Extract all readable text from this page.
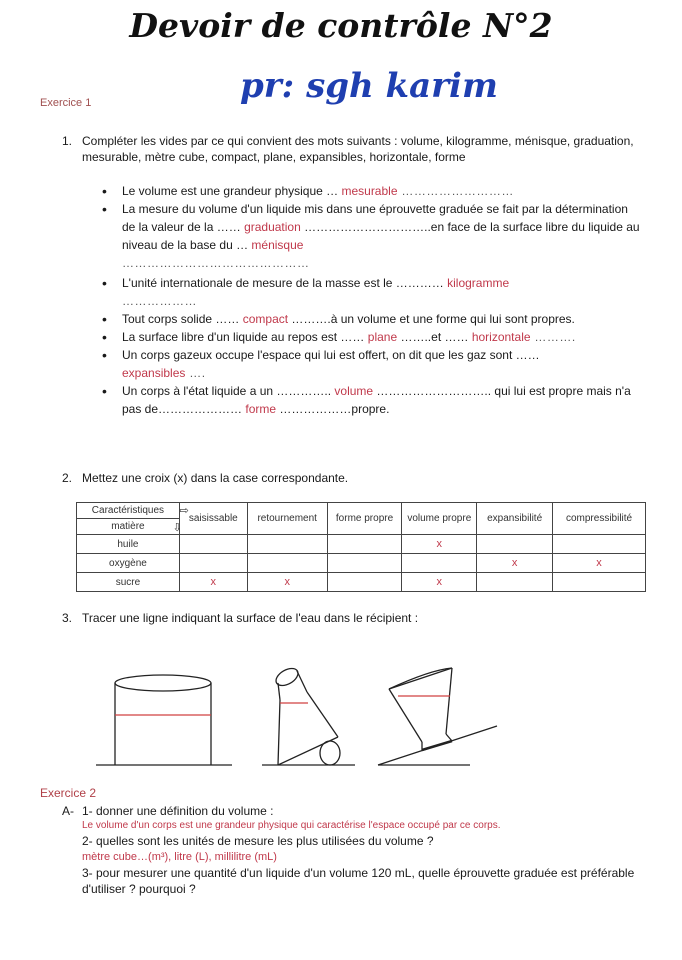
Devoir de contrôle N°2
pr: sgh karim
Exercice 1
1. Compléter les vides par ce qui convient des mots suivants : volume, kilogramme, ménisque, graduation, mesurable, mètre cube, compact, plane, expansibles, horizontale, forme
• Le volume est une grandeur physique … mesurable ………………………
• La mesure du volume d'un liquide mis dans une éprouvette graduée se fait par la détermination de la valeur de la …… graduation …………………………..en face de la surface libre du liquide au niveau de la base du … ménisque
………………………………………
• L'unité internationale de mesure de la masse est le ………… kilogramme
………………
• Tout corps solide …… compact ……….à un volume et une forme qui lui sont propres.
• La surface libre d'un liquide au repos est …… plane ……..et …… horizontale ……….
• Un corps gazeux occupe l'espace qui lui est offert, on dit que les gaz sont ……
expansibles ….
• Un corps à l'état liquide a un ………….. volume ……………………….. qui lui est propre mais n'a pas de………………… forme ………………propre.
2. Mettez une croix (x) dans la case correspondante.
Caractéristiques ⇨	saisissable	retournement	forme propre	volume propre	expansibilité	compressibilité
matière ⇩						

huile				x		
oxygène					x	x
sucre	x	x		x		
3. Tracer une ligne indiquant la surface de l'eau dans le récipient :
Exercice 2
A- 1- donner une définition du volume :
Le volume d'un corps est une grandeur physique qui caractérise l'espace occupé par ce corps.
2- quelles sont les unités de mesure les plus utilisées du volume ?
mètre cube…(m³), litre (L), millilitre (mL)
3- pour mesurer une quantité d'un liquide d'un volume 120 mL, quelle éprouvette graduée est préférable d'utiliser ? pourquoi ?
